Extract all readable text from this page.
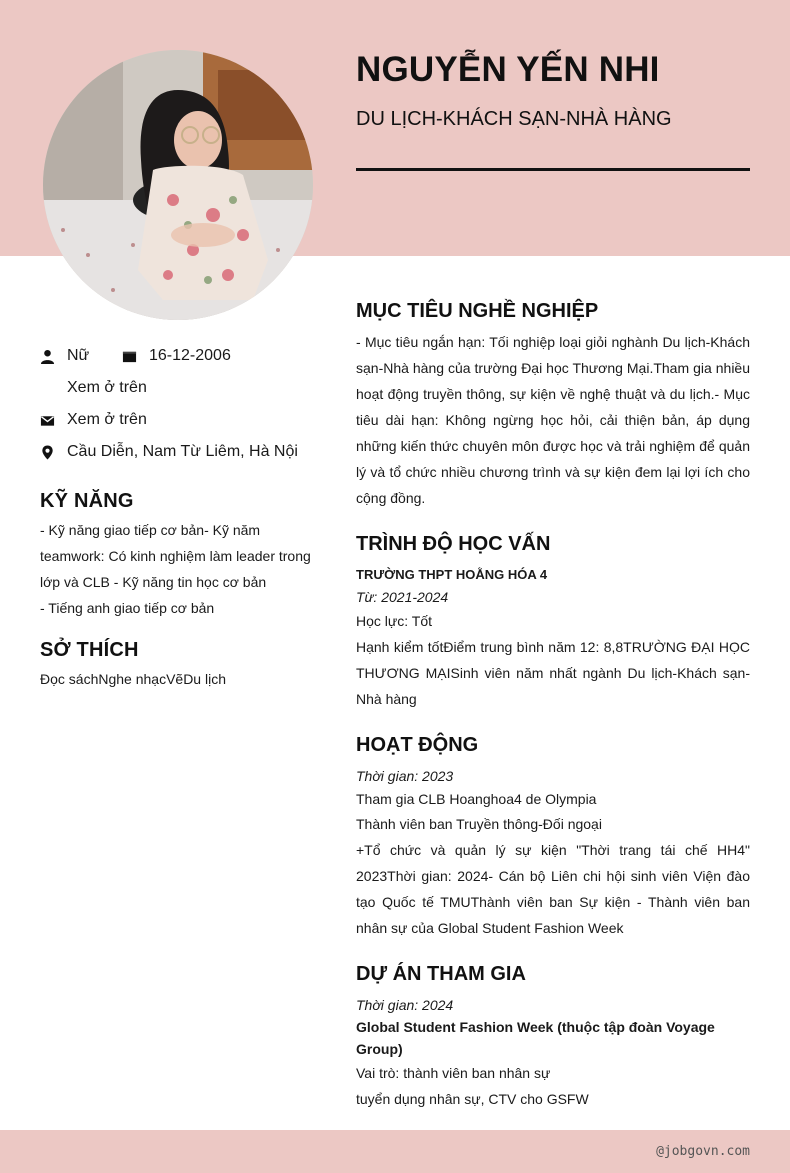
NGUYỄN YẾN NHI
DU LỊCH-KHÁCH SẠN-NHÀ HÀNG
Nữ	16-12-2006
Xem ở trên
Xem ở trên
Cầu Diễn, Nam Từ Liêm, Hà Nội
KỸ NĂNG

- Kỹ năng giao tiếp cơ bản- Kỹ năm teamwork: Có kinh nghiệm làm leader trong lớp và CLB - Kỹ năng tin học cơ bản

- Tiếng anh giao tiếp cơ bản

SỞ THÍCH

Đọc sáchNghe nhạcVẽDu lịch

MỤC TIÊU NGHỀ NGHIỆP

- Mục tiêu ngắn hạn: Tối nghiệp loại giỏi nghành Du lịch-Khách sạn-Nhà hàng của trường Đại học Thương Mại.Tham gia nhiều hoạt động truyền thông, sự kiện về nghệ thuật và du lịch.- Mục tiêu dài hạn: Không ngừng học hỏi, cải thiện bản, áp dụng những kiến thức chuyên môn được học và trải nghiệm để quản lý và tổ chức nhiều chương trình và sự kiện đem lại lợi ích cho cộng đồng.

TRÌNH ĐỘ HỌC VẤN

TRƯỜNG THPT HOẰNG HÓA 4

Từ: 2021-2024

Học lực: Tốt

Hạnh kiểm tốtĐiểm trung bình năm 12: 8,8TRƯỜNG ĐẠI HỌC THƯƠNG MẠISinh viên năm nhất ngành Du lịch-Khách sạn-Nhà hàng

HOẠT ĐỘNG

Thời gian: 2023

Tham gia CLB Hoanghoa4 de Olympia

Thành viên ban Truyền thông-Đối ngoại

+Tổ chức và quản lý sự kiện "Thời trang tái chế HH4" 2023Thời gian: 2024- Cán bộ Liên chi hội sinh viên Viện đào tạo Quốc tế TMUThành viên ban Sự kiện - Thành viên ban nhân sự của Global Student Fashion Week

DỰ ÁN THAM GIA

Thời gian: 2024

Global Student Fashion Week (thuộc tập đoàn Voyage Group)

Vai trò: thành viên ban nhân sự

tuyển dụng nhân sự, CTV cho GSFW

@jobgovn.com
